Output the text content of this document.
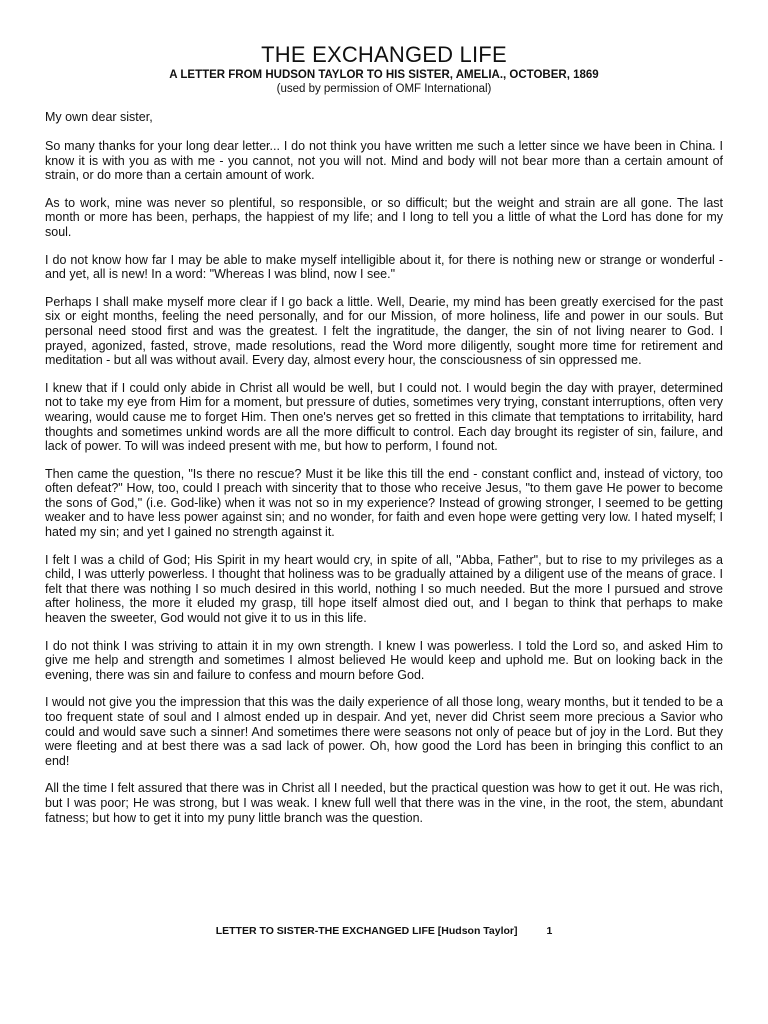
THE EXCHANGED LIFE

A LETTER FROM HUDSON TAYLOR TO HIS SISTER, AMELIA., OCTOBER, 1869

(used by permission of OMF International)

My own dear sister,

So many thanks for your long dear letter... I do not think you have written me such a letter since we have been in China. I know it is with you as with me - you cannot, not you will not. Mind and body will not bear more than a certain amount of strain, or do more than a certain amount of work.

As to work, mine was never so plentiful, so responsible, or so difficult; but the weight and strain are all gone. The last month or more has been, perhaps, the happiest of my life; and I long to tell you a little of what the Lord has done for my soul.

I do not know how far I may be able to make myself intelligible about it, for there is nothing new or strange or wonderful - and yet, all is new! In a word: "Whereas I was blind, now I see."

Perhaps I shall make myself more clear if I go back a little. Well, Dearie, my mind has been greatly exercised for the past six or eight months, feeling the need personally, and for our Mission, of more holiness, life and power in our souls. But personal need stood first and was the greatest. I felt the ingratitude, the danger, the sin of not living nearer to God. I prayed, agonized, fasted, strove, made resolutions, read the Word more diligently, sought more time for retirement and meditation - but all was without avail. Every day, almost every hour, the consciousness of sin oppressed me.

I knew that if I could only abide in Christ all would be well, but I could not. I would begin the day with prayer, determined not to take my eye from Him for a moment, but pressure of duties, sometimes very trying, constant interruptions, often very wearing, would cause me to forget Him. Then one's nerves get so fretted in this climate that temptations to irritability, hard thoughts and sometimes unkind words are all the more difficult to control. Each day brought its register of sin, failure, and lack of power. To will was indeed present with me, but how to perform, I found not.

Then came the question, "Is there no rescue? Must it be like this till the end - constant conflict and, instead of victory, too often defeat?" How, too, could I preach with sincerity that to those who receive Jesus, "to them gave He power to become the sons of God," (i.e. God-like) when it was not so in my experience? Instead of growing stronger, I seemed to be getting weaker and to have less power against sin; and no wonder, for faith and even hope were getting very low. I hated myself; I hated my sin; and yet I gained no strength against it.

I felt I was a child of God; His Spirit in my heart would cry, in spite of all, "Abba, Father", but to rise to my privileges as a child, I was utterly powerless. I thought that holiness was to be gradually attained by a diligent use of the means of grace. I felt that there was nothing I so much desired in this world, nothing I so much needed. But the more I pursued and strove after holiness, the more it eluded my grasp, till hope itself almost died out, and I began to think that perhaps to make heaven the sweeter, God would not give it to us in this life.

I do not think I was striving to attain it in my own strength. I knew I was powerless. I told the Lord so, and asked Him to give me help and strength and sometimes I almost believed He would keep and uphold me. But on looking back in the evening, there was sin and failure to confess and mourn before God.

I would not give you the impression that this was the daily experience of all those long, weary months, but it tended to be a too frequent state of soul and I almost ended up in despair. And yet, never did Christ seem more precious a Savior who could and would save such a sinner! And sometimes there were seasons not only of peace but of joy in the Lord. But they were fleeting and at best there was a sad lack of power. Oh, how good the Lord has been in bringing this conflict to an end!

All the time I felt assured that there was in Christ all I needed, but the practical question was how to get it out. He was rich, but I was poor; He was strong, but I was weak. I knew full well that there was in the vine, in the root, the stem, abundant fatness; but how to get it into my puny little branch was the question.

LETTER TO SISTER-THE EXCHANGED LIFE [Hudson Taylor]	1
